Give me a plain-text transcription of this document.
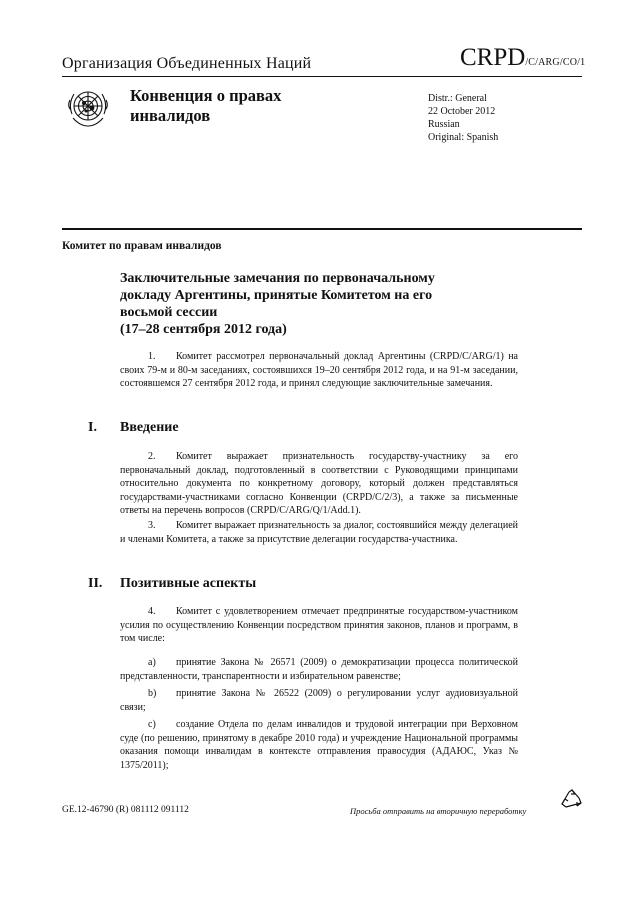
Организация Объединенных Наций	CRPD/C/ARG/CO/1
Конвенция о правах
инвалидов
Distr.: General
22 October 2012
Russian
Original: Spanish
Комитет по правам инвалидов
Заключительные замечания по первоначальному
докладу Аргентины, принятые Комитетом на его
восьмой сессии
(17–28 сентября 2012 года)
1. Комитет рассмотрел первоначальный доклад Аргентины (CRPD/C/ARG/1) на своих 79-м и 80-м заседаниях, состоявшихся 19–20 сентября 2012 года, и на 91-м заседании, состоявшемся 27 сентября 2012 года, и принял следующие заключительные замечания.
I. Введение
2. Комитет выражает признательность государству-участнику за его первоначальный доклад, подготовленный в соответствии с Руководящими принципами относительно документа по конкретному договору, который должен представляться государствами-участниками согласно Конвенции (CRPD/C/2/3), а также за письменные ответы на перечень вопросов (CRPD/C/ARG/Q/1/Add.1).
3. Комитет выражает признательность за диалог, состоявшийся между делегацией и членами Комитета, а также за присутствие делегации государства-участника.
II. Позитивные аспекты
4. Комитет с удовлетворением отмечает предпринятые государством-участником усилия по осуществлению Конвенции посредством принятия законов, планов и программ, в том числе:
a) принятие Закона № 26571 (2009) о демократизации процесса политической представленности, транспарентности и избирательном равенстве;
b) принятие Закона № 26522 (2009) о регулировании услуг аудиовизуальной связи;
c) создание Отдела по делам инвалидов и трудовой интеграции при Верховном суде (по решению, принятому в декабре 2010 года) и учреждение Национальной программы оказания помощи инвалидам в контексте отправления правосудия (АДАЮС, Указ № 1375/2011);
GE.12-46790 (R) 081112 091112	Просьба отправить на вторичную переработку
